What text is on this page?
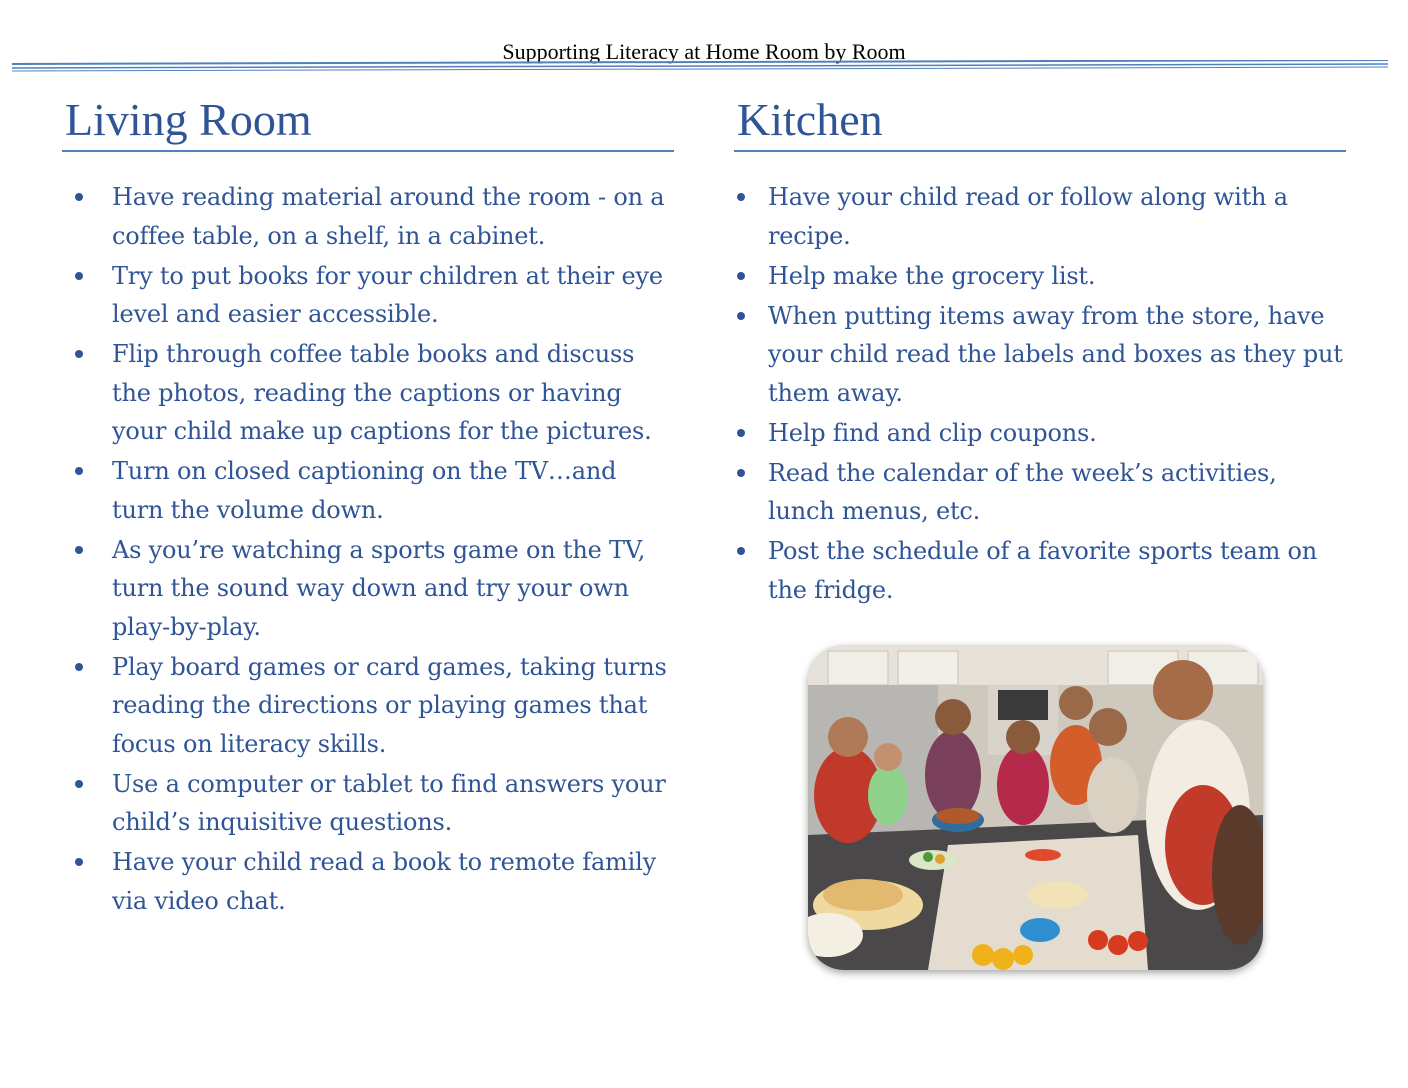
Supporting Literacy at Home Room by Room
Living Room
Have reading material around the room - on a coffee table, on a shelf, in a cabinet.
Try to put books for your children at their eye level and easier accessible.
Flip through coffee table books and discuss the photos, reading the captions or having your child make up captions for the pictures.
Turn on closed captioning on the TV…and turn the volume down.
As you’re watching a sports game on the TV, turn the sound way down and try your own play-by-play.
Play board games or card games, taking turns reading the directions or playing games that focus on literacy skills.
Use a computer or tablet to find answers your child’s inquisitive questions.
Have your child read a book to remote family via video chat.
Kitchen
Have your child read or follow along with a recipe.
Help make the grocery list.
When putting items away from the store, have your child read the labels and boxes as they put them away.
Help find and clip coupons.
Read the calendar of the week’s activities, lunch menus, etc.
Post the schedule of a favorite sports team on the fridge.
